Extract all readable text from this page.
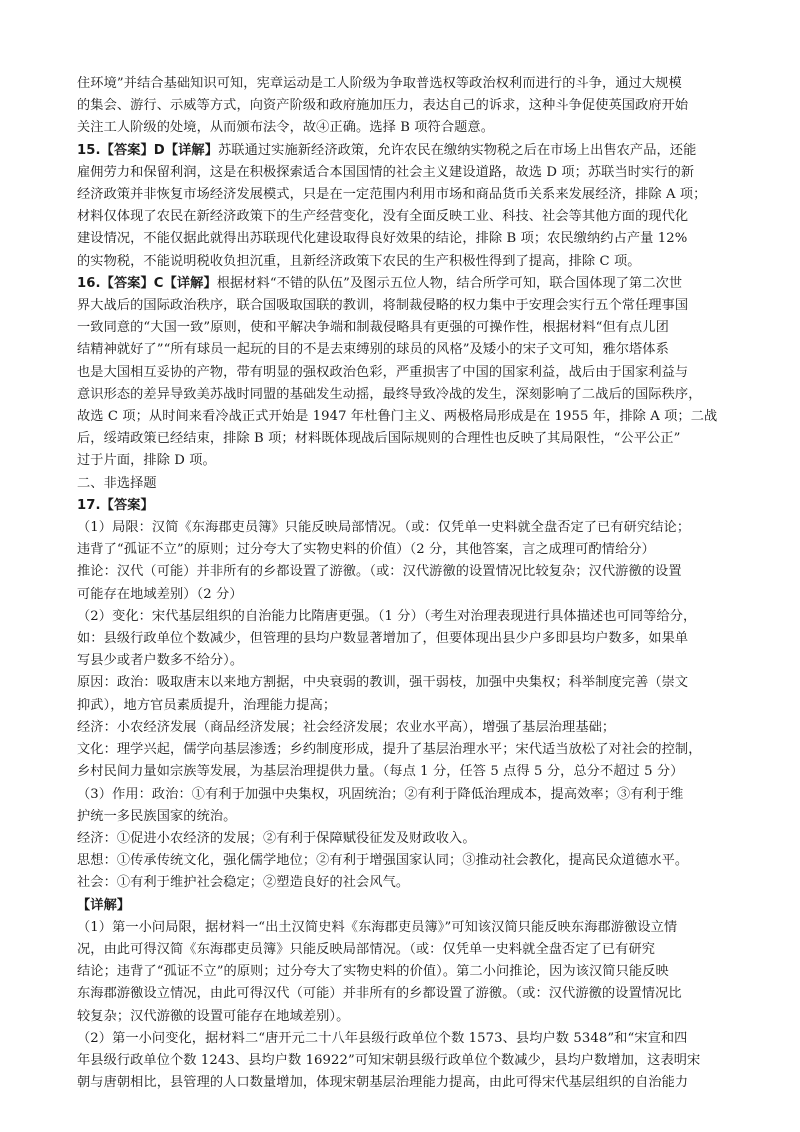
住环境”并结合基础知识可知，宪章运动是工人阶级为争取普选权等政治权利而进行的斗争，通过大规模

的集会、游行、示威等方式，向资产阶级和政府施加压力，表达自己的诉求，这种斗争促使英国政府开始

关注工人阶级的处境，从而颁布法令，故④正确。选择 B 项符合题意。

15.【答案】D【详解】苏联通过实施新经济政策，允许农民在缴纳实物税之后在市场上出售农产品，还能

雇佣劳力和保留利润，这是在积极探索适合本国国情的社会主义建设道路，故选 D 项；苏联当时实行的新

经济政策并非恢复市场经济发展模式，只是在一定范围内利用市场和商品货币关系来发展经济，排除 A 项；

材料仅体现了农民在新经济政策下的生产经营变化，没有全面反映工业、科技、社会等其他方面的现代化

建设情况，不能仅据此就得出苏联现代化建设取得良好效果的结论，排除 B 项；农民缴纳约占产量 12%

的实物税，不能说明税收负担沉重，且新经济政策下农民的生产积极性得到了提高，排除 C 项。

16.【答案】C【详解】根据材料“不错的队伍”及图示五位人物，结合所学可知，联合国体现了第二次世

界大战后的国际政治秩序，联合国吸取国联的教训，将制裁侵略的权力集中于安理会实行五个常任理事国

一致同意的“大国一致”原则，使和平解决争端和制裁侵略具有更强的可操作性，根据材料“但有点儿团

结精神就好了”“所有球员一起玩的目的不是去束缚别的球员的风格”及矮小的宋子文可知，雅尔塔体系

也是大国相互妥协的产物，带有明显的强权政治色彩，严重损害了中国的国家利益，战后由于国家利益与

意识形态的差异导致美苏战时同盟的基础发生动摇，最终导致冷战的发生，深刻影响了二战后的国际秩序，

故选 C 项；从时间来看冷战正式开始是 1947 年杜鲁门主义、两极格局形成是在 1955 年，排除 A 项；二战

后，绥靖政策已经结束，排除 B 项；材料既体现战后国际规则的合理性也反映了其局限性，“公平公正”

过于片面，排除 D 项。

二、非选择题

17.【答案】

（1）局限：汉简《东海郡吏员簿》只能反映局部情况。（或：仅凭单一史料就全盘否定了已有研究结论；

违背了“孤证不立”的原则；过分夸大了实物史料的价值）（2 分，其他答案，言之成理可酌情给分）

推论：汉代（可能）并非所有的乡都设置了游徼。（或：汉代游徼的设置情况比较复杂；汉代游徼的设置

可能存在地域差别）（2 分）

（2）变化：宋代基层组织的自治能力比隋唐更强。（1 分）（考生对治理表现进行具体描述也可同等给分，

如：县级行政单位个数减少，但管理的县均户数显著增加了，但要体现出县少户多即县均户数多，如果单

写县少或者户数多不给分）。

原因：政治：吸取唐末以来地方割据，中央衰弱的教训，强干弱枝，加强中央集权；科举制度完善（崇文

抑武），地方官员素质提升，治理能力提高；

经济：小农经济发展（商品经济发展；社会经济发展；农业水平高），增强了基层治理基础；

文化：理学兴起，儒学向基层渗透；乡约制度形成，提升了基层治理水平；宋代适当放松了对社会的控制，

乡村民间力量如宗族等发展，为基层治理提供力量。（每点 1 分，任答 5 点得 5 分，总分不超过 5 分）

（3）作用：政治：①有利于加强中央集权，巩固统治；②有利于降低治理成本，提高效率；③有利于维

护统一多民族国家的统治。

经济：①促进小农经济的发展；②有利于保障赋役征发及财政收入。

思想：①传承传统文化，强化儒学地位；②有利于增强国家认同；③推动社会教化，提高民众道德水平。

社会：①有利于维护社会稳定；②塑造良好的社会风气。

【详解】

（1）第一小问局限，据材料一“出土汉简史料《东海郡吏员簿》”可知该汉简只能反映东海郡游徼设立情

况，由此可得汉简《东海郡吏员簿》只能反映局部情况。（或：仅凭单一史料就全盘否定了已有研究

结论；违背了“孤证不立”的原则；过分夸大了实物史料的价值）。第二小问推论，因为该汉简只能反映

东海郡游徼设立情况，由此可得汉代（可能）并非所有的乡都设置了游徼。（或：汉代游徼的设置情况比

较复杂；汉代游徼的设置可能存在地域差别）。

（2）第一小问变化，据材料二“唐开元二十八年县级行政单位个数 1573、县均户数 5348”和“宋宣和四

年县级行政单位个数 1243、县均户数 16922”可知宋朝县级行政单位个数减少，县均户数增加，这表明宋

朝与唐朝相比，县管理的人口数量增加，体现宋朝基层治理能力提高，由此可得宋代基层组织的自治能力
